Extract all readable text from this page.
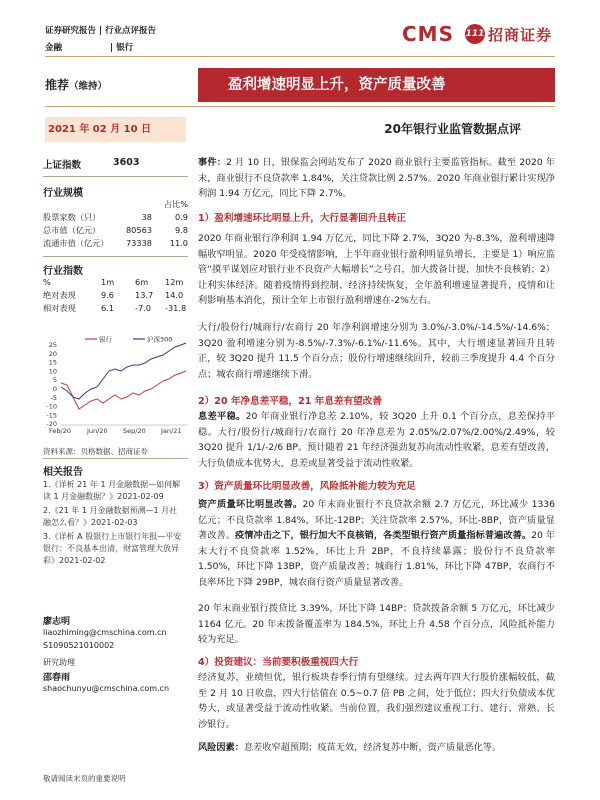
证券研究报告 | 行业点评报告
金融	| 银行
CMS 111 招商证券
推荐（维持）	盈利增速明显上升，资产质量改善
2021 年 02 月 10 日	20年银行业监管数据点评
上证指数	3603
行业规模
占比%
股票家数（只）	38	0.9
总市值（亿元）	80563	9.8
流通市值（亿元） 73338 11.0
行业指数
%	1m	6m 12m
绝对表现	9.6	13.7 14.0
相对表现	6.1	-7.0 -31.8
银行	沪深300
25
20
15
10
5
0
-5
-10
-15
-20
Feb/20 Jun/20 Sep/20 Jan/21
资料来源：贝格数据、招商证券
相关报告
1.《详析 21 年 1 月金融数据—如何解读 1 月金融数据？》2021-02-09
2.《21 年 1 月金融数据预测—1 月社融怎么看？》2021-02-03
3.《详析 A 股银行上市银行年报—平安银行：不良基本出清，财富管理大放异彩》2021-02-02
廖志明
liaozhiming@cmschina.com.cn
S1090521010002
研究助理
邵春雨
shaochunyu@cmschina.com.cn
事件：2 月 10 日，银保监会网站发布了 2020 商业银行主要监管指标。截至 2020 年末，商业银行不良贷款率 1.84%，关注贷款比例 2.57%。2020 年商业银行累计实现净利润 1.94 万亿元，同比下降 2.7%。
1）盈利增速环比明显上升，大行显著回升且转正
2020 年商业银行净利润 1.94 万亿元，同比下降 2.7%，3Q20 为-8.3%，盈利增速降幅收窄明显。2020 年受疫情影响，上半年商业银行盈利明显负增长，主要是 1）响应监管“摸平谋划应对银行业不良资产大幅增长”之号召，加大拨备计提，加快不良核销；2）让利实体经济。随着疫情得到控制、经济持续恢复，全年盈利增速显著提升，疫情和让利影响基本消化，预计全年上市银行盈利增速在-2%左右。
大行/股份行/城商行/农商行 20 年净利润增速分别为 3.0%/-3.0%/-14.5%/-14.6%；3Q20 盈利增速分别为-8.5%/-7.3%/-6.1%/-11.6%。其中，大行增速显著回升且转正，较 3Q20 提升 11.5 个百分点；股份行增速继续回升，较前三季度提升 4.4 个百分点；城农商行增速继续下滑。
2）20 年净息差平稳，21 年息差有望改善
息差平稳。20 年商业银行净息差 2.10%，较 3Q20 上升 0.1 个百分点，息差保持平稳。大行/股份行/城商行/农商行 20 年净息差为 2.05%/2.07%/2.00%/2.49%，较 3Q20 提升 1/1/-2/6 BP。预计随着 21 年经济强劲复苏向流动性收紧，息差有望改善，大行负债成本优势大，息差或显著受益于流动性收紧。
3）资产质量环比明显改善，风险抵补能力较为充足
资产质量环比明显改善。20 年末商业银行不良贷款余额 2.7 万亿元，环比减少 1336 亿元；不良贷款率 1.84%，环比-12BP；关注贷款率 2.57%，环比-8BP，资产质量显著改善。疫情冲击之下，银行加大不良核销，各类型银行资产质量指标普遍改善。20 年末大行不良贷款率 1.52%，环比上升 2BP，不良持续暴露；股份行不良贷款率 1.50%，环比下降 13BP，资产质量改善；城商行 1.81%，环比下降 47BP，农商行不良率环比下降 29BP，城农商行资产质量显著改善。
20 年末商业银行拨贷比 3.39%，环比下降 14BP；贷款拨备余额 5 万亿元，环比减少 1164 亿元。20 年末拨备覆盖率为 184.5%，环比上升 4.58 个百分点，风险抵补能力较为充足。
4）投资建议：当前要积极重视四大行
经济复苏，业绩恒优，银行板块春季行情有望继续。过去两年四大行股价涨幅较低，截至 2 月 10 日收盘，四大行估值在 0.5~0.7 倍 PB 之间，处于低位；四大行负债成本优势大，或显著受益于流动性收紧。当前位置，我们强烈建议重视工行、建行、常熟、长沙银行。
风险因素：息差收窄超预期；疫苗无效，经济复苏中断，资产质量恶化等。
敬请阅读末页的重要说明
